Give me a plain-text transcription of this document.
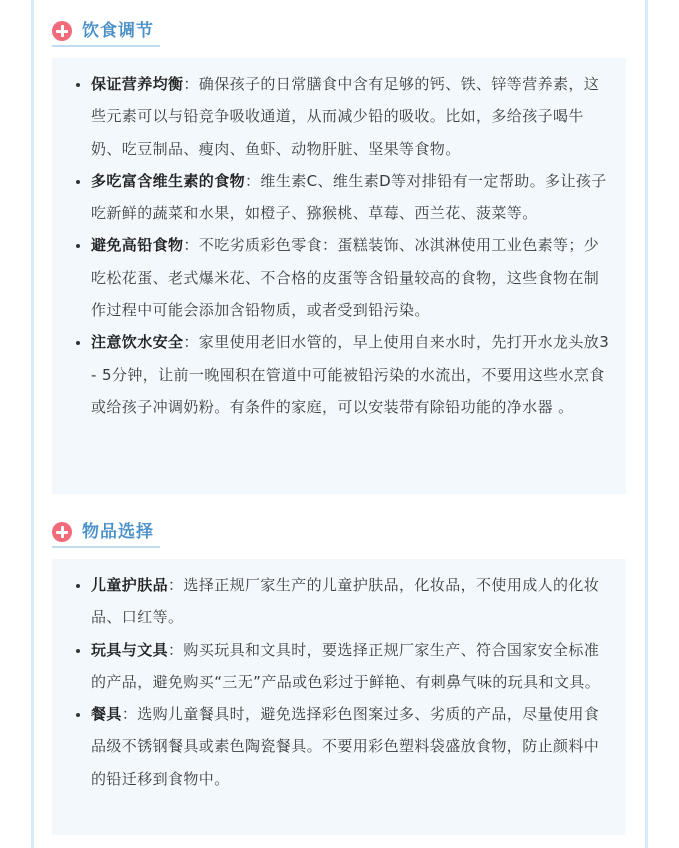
饮食调节
• 保证营养均衡：确保孩子的日常膳食中含有足够的钙、铁、锌等营养素，这些元素可以与铅竞争吸收通道，从而减少铅的吸收。比如，多给孩子喝牛奶、吃豆制品、瘦肉、鱼虾、动物肝脏、坚果等食物。
• 多吃富含维生素的食物：维生素C、维生素D等对排铅有一定帮助。多让孩子吃新鲜的蔬菜和水果，如橙子、猕猴桃、草莓、西兰花、菠菜等。
• 避免高铅食物：不吃劣质彩色零食：蛋糕装饰、冰淇淋使用工业色素等；少吃松花蛋、老式爆米花、不合格的皮蛋等含铅量较高的食物，这些食物在制作过程中可能会添加含铅物质，或者受到铅污染。
• 注意饮水安全：家里使用老旧水管的，早上使用自来水时，先打开水龙头放3 - 5分钟，让前一晚囤积在管道中可能被铅污染的水流出，不要用这些水烹食或给孩子冲调奶粉。有条件的家庭，可以安装带有除铅功能的净水器 。
物品选择
• 儿童护肤品：选择正规厂家生产的儿童护肤品，化妆品，不使用成人的化妆品、口红等。
• 玩具与文具：购买玩具和文具时，要选择正规厂家生产、符合国家安全标准的产品，避免购买“三无”产品或色彩过于鲜艳、有刺鼻气味的玩具和文具。
• 餐具：选购儿童餐具时，避免选择彩色图案过多、劣质的产品，尽量使用食品级不锈钢餐具或素色陶瓷餐具。不要用彩色塑料袋盛放食物，防止颜料中的铅迁移到食物中。
